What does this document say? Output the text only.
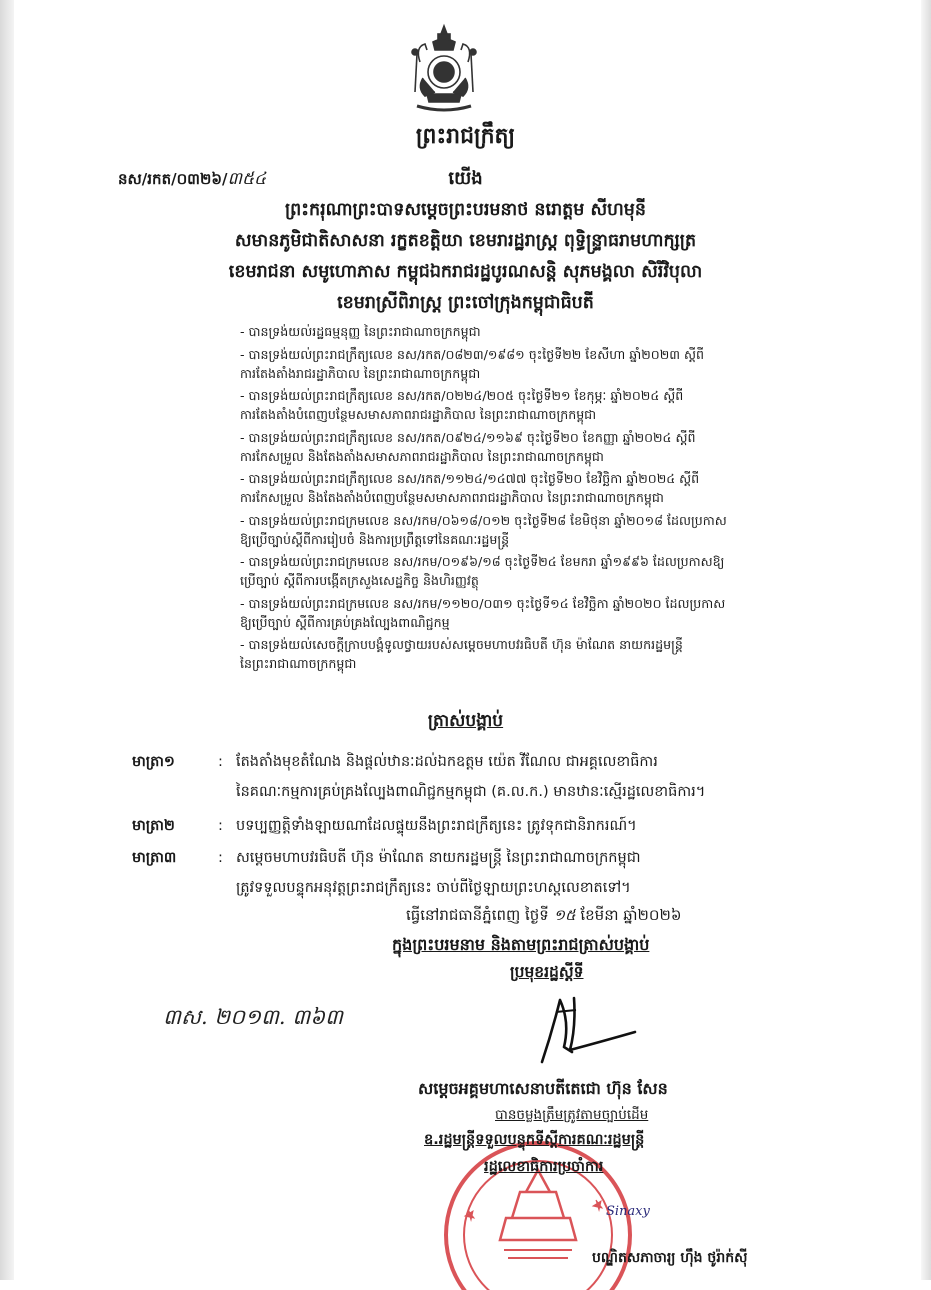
ព្រះរាជក្រឹត្យ
នស/រកត/០៣២៦/៣៥៤	យើង
ព្រះករុណាព្រះបាទសម្តេចព្រះបរមនាថ នរោត្តម សីហមុនី
សមានភូមិជាតិសាសនា រក្ខតខត្តិយា ខេមរារដ្ឋរាស្ត្រ ពុទ្ធិន្ទ្រាធរាមហាក្សត្រ
ខេមរាជនា សមូហោភាស កម្ពុជឯករាជរដ្ឋបូរណសន្តិ សុភមង្គលា សិរីវិបុលា
ខេមរាស្រីពិរាស្ត្រ ព្រះចៅក្រុងកម្ពុជាធិបតី
- បានទ្រង់យល់រដ្ឋធម្មនុញ្ញ នៃព្រះរាជាណាចក្រកម្ពុជា
- បានទ្រង់យល់ព្រះរាជក្រឹត្យលេខ នស/រកត/០៨២៣/១៩៨១ ចុះថ្ងៃទី២២ ខែសីហា ឆ្នាំ២០២៣ ស្តីពី
ការតែងតាំងរាជរដ្ឋាភិបាល នៃព្រះរាជាណាចក្រកម្ពុជា
- បានទ្រង់យល់ព្រះរាជក្រឹត្យលេខ នស/រកត/០២២៤/២០៥ ចុះថ្ងៃទី២១ ខែកុម្ភៈ ឆ្នាំ២០២៤ ស្តីពី
ការតែងតាំងបំពេញបន្ថែមសមាសភាពរាជរដ្ឋាភិបាល នៃព្រះរាជាណាចក្រកម្ពុជា
- បានទ្រង់យល់ព្រះរាជក្រឹត្យលេខ នស/រកត/០៩២៤/១១៦៩ ចុះថ្ងៃទី២០ ខែកញ្ញា ឆ្នាំ២០២៤ ស្តីពី
ការកែសម្រួល និងតែងតាំងសមាសភាពរាជរដ្ឋាភិបាល នៃព្រះរាជាណាចក្រកម្ពុជា
- បានទ្រង់យល់ព្រះរាជក្រឹត្យលេខ នស/រកត/១១២៤/១៤៧៧ ចុះថ្ងៃទី២០ ខែវិច្ឆិកា ឆ្នាំ២០២៤ ស្តីពី
ការកែសម្រួល និងតែងតាំងបំពេញបន្ថែមសមាសភាពរាជរដ្ឋាភិបាល នៃព្រះរាជាណាចក្រកម្ពុជា
- បានទ្រង់យល់ព្រះរាជក្រមលេខ នស/រកម/០៦១៨/០១២ ចុះថ្ងៃទី២៨ ខែមិថុនា ឆ្នាំ២០១៨ ដែលប្រកាស
ឱ្យប្រើច្បាប់ស្តីពីការរៀបចំ និងការប្រព្រឹត្តទៅនៃគណៈរដ្ឋមន្ត្រី
- បានទ្រង់យល់ព្រះរាជក្រមលេខ នស/រកម/០១៩៦/១៨ ចុះថ្ងៃទី២៤ ខែមករា ឆ្នាំ១៩៩៦ ដែលប្រកាសឱ្យ
ប្រើច្បាប់ ស្តីពីការបង្កើតក្រសួងសេដ្ឋកិច្ច និងហិរញ្ញវត្ថុ
- បានទ្រង់យល់ព្រះរាជក្រមលេខ នស/រកម/១១២០/០៣១ ចុះថ្ងៃទី១៤ ខែវិច្ឆិកា ឆ្នាំ២០២០ ដែលប្រកាស
ឱ្យប្រើច្បាប់ ស្តីពីការគ្រប់គ្រងល្បែងពាណិជ្ជកម្ម
- បានទ្រង់យល់សេចក្តីក្រាបបង្គំទូលថ្វាយរបស់សម្តេចមហាបវរធិបតី ហ៊ុន ម៉ាណែត នាយករដ្ឋមន្ត្រី
នៃព្រះរាជាណាចក្រកម្ពុជា
ត្រាស់បង្គាប់
មាត្រា១	: តែងតាំងមុខតំណែង និងផ្តល់ឋានៈដល់ឯកឧត្តម យ៉េត វីណែល ជាអគ្គលេខាធិការ
នៃគណៈកម្មការគ្រប់គ្រងល្បែងពាណិជ្ជកម្មកម្ពុជា (គ.ល.ក.) មានឋានៈស្មើរដ្ឋលេខាធិការ។
មាត្រា២	: បទប្បញ្ញត្តិទាំងឡាយណាដែលផ្ទុយនឹងព្រះរាជក្រឹត្យនេះ ត្រូវទុកជានិរាករណ៍។
មាត្រា៣	: សម្តេចមហាបវរធិបតី ហ៊ុន ម៉ាណែត នាយករដ្ឋមន្ត្រី នៃព្រះរាជាណាចក្រកម្ពុជា
ត្រូវទទួលបន្ទុកអនុវត្តព្រះរាជក្រឹត្យនេះ ចាប់ពីថ្ងៃឡាយព្រះហស្តលេខាតទៅ។
ធ្វើនៅរាជធានីភ្នំពេញ ថ្ងៃទី ១៥ ខែមីនា ឆ្នាំ២០២៦
ក្នុងព្រះបរមនាម និងតាមព្រះរាជត្រាស់បង្គាប់
ប្រមុខរដ្ឋស្តីទី
៣ស. ២០១៣. ៣៦៣
សម្តេចអគ្គមហាសេនាបតីតេជោ ហ៊ុន សែន
បានចម្លងត្រឹមត្រូវតាមច្បាប់ដើម
ឧ.រដ្ឋមន្ត្រីទទួលបន្ទុកទីស្តីការគណៈរដ្ឋមន្ត្រី
រដ្ឋលេខាធិការប្រចាំការ
Sinaxy
បណ្ឌិតសភាចារ្យ ហ៊ឹង ថូរ៉ាក់ស៊ី
